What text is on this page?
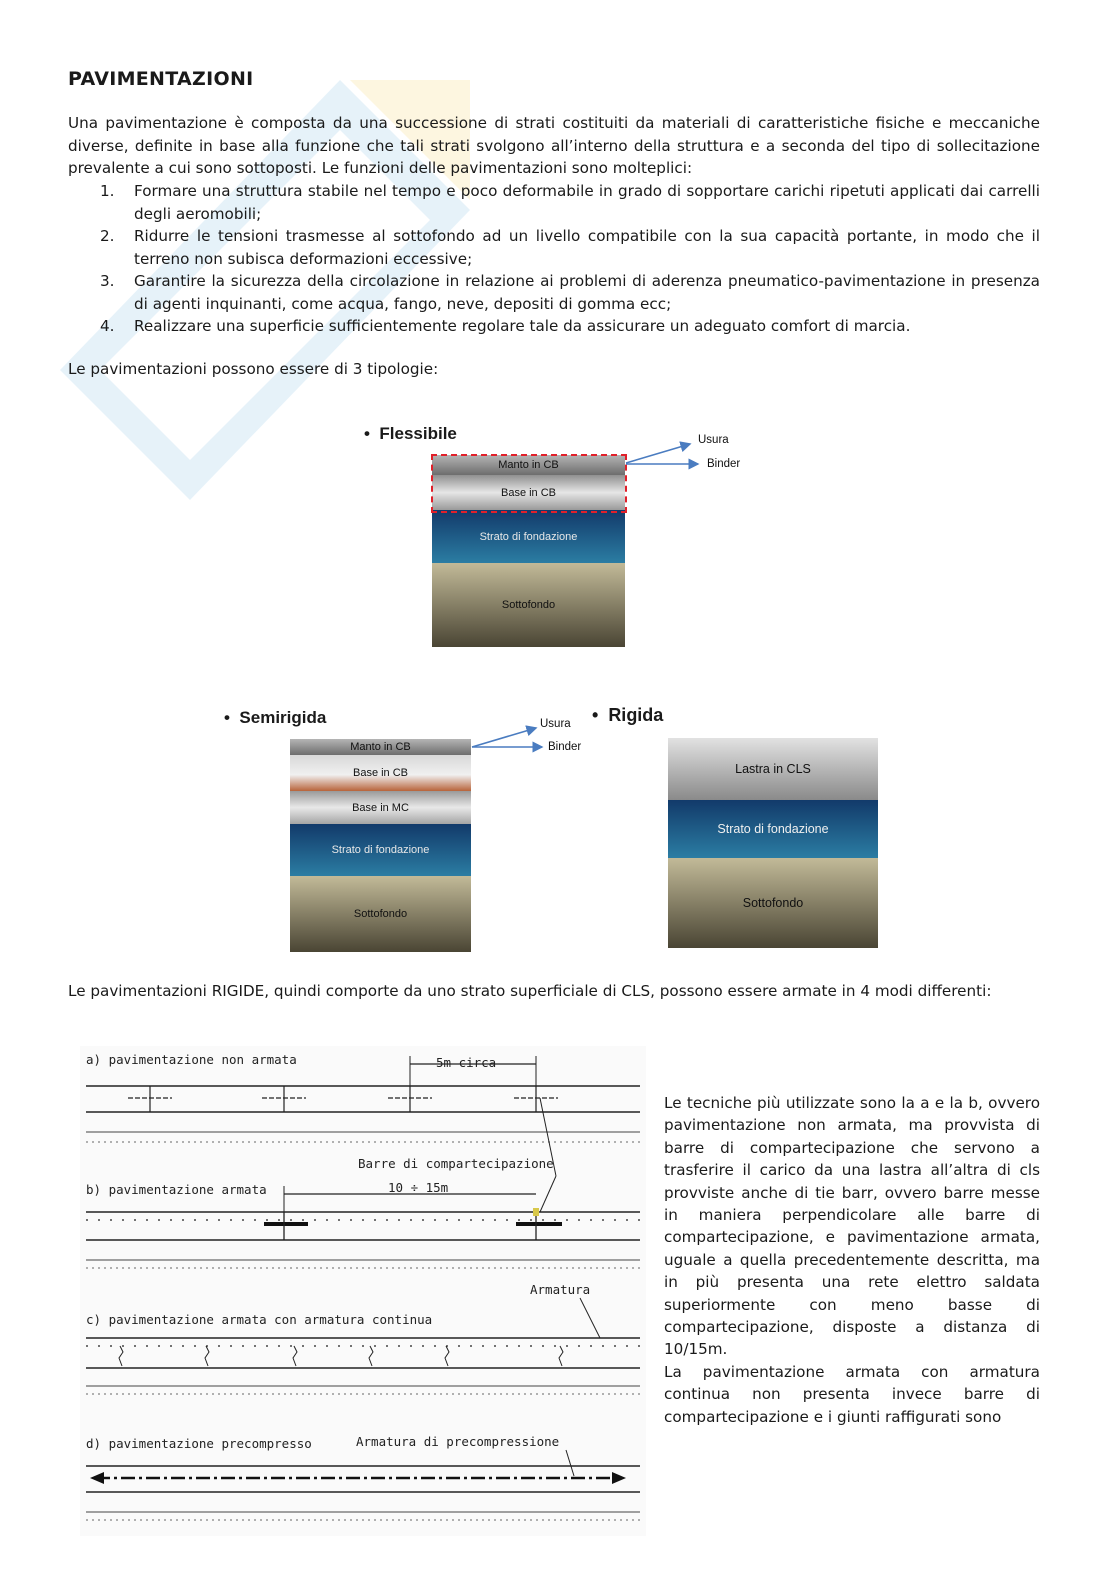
PAVIMENTAZIONI
Una pavimentazione è composta da una successione di strati costituiti da materiali di caratteristiche fisiche e meccaniche diverse, definite in base alla funzione che tali strati svolgono all’interno della struttura e a seconda del tipo di sollecitazione prevalente a cui sono sottoposti. Le funzioni delle pavimentazioni sono molteplici:
1. Formare una struttura stabile nel tempo e poco deformabile in grado di sopportare carichi ripetuti applicati dai carrelli degli aeromobili;
2. Ridurre le tensioni trasmesse al sottofondo ad un livello compatibile con la sua capacità portante, in modo che il terreno non subisca deformazioni eccessive;
3. Garantire la sicurezza della circolazione in relazione ai problemi di aderenza pneumatico-pavimentazione in presenza di agenti inquinanti, come acqua, fango, neve, depositi di gomma ecc;
4. Realizzare una superficie sufficientemente regolare tale da assicurare un adeguato comfort di marcia.
Le pavimentazioni possono essere di 3 tipologie:
•  Flessibile
Manto in CB
Base in CB
Strato di fondazione
Sottofondo
Usura
Binder
•  Semirigida
Manto in CB
Base in CB
Base in MC
Strato di fondazione
Sottofondo
Usura
Binder
•  Rigida
Lastra in CLS
Strato di fondazione
Sottofondo
Le pavimentazioni RIGIDE, quindi comporte da uno strato superficiale di CLS, possono essere armate in 4 modi differenti:
a) pavimentazione non armata	5m circa
Barre di compartecipazione
b) pavimentazione armata	10 ÷ 15m
Armatura
c) pavimentazione armata con armatura continua
d) pavimentazione precompresso	Armatura di precompressione

Le tecniche più utilizzate sono la a e la b, ovvero pavimentazione non armata, ma provvista di barre di compartecipazione che servono a trasferire il carico da una lastra all’altra di cls provviste anche di tie barr, ovvero barre messe in maniera perpendicolare alle barre di compartecipazione, e pavimentazione armata, uguale a quella precedentemente descritta, ma in più presenta una rete elettro saldata superiormente con meno basse di compartecipazione, disposte a distanza di 10/15m.

La pavimentazione armata con armatura continua non presenta invece barre di compartecipazione e i giunti raffigurati sono
